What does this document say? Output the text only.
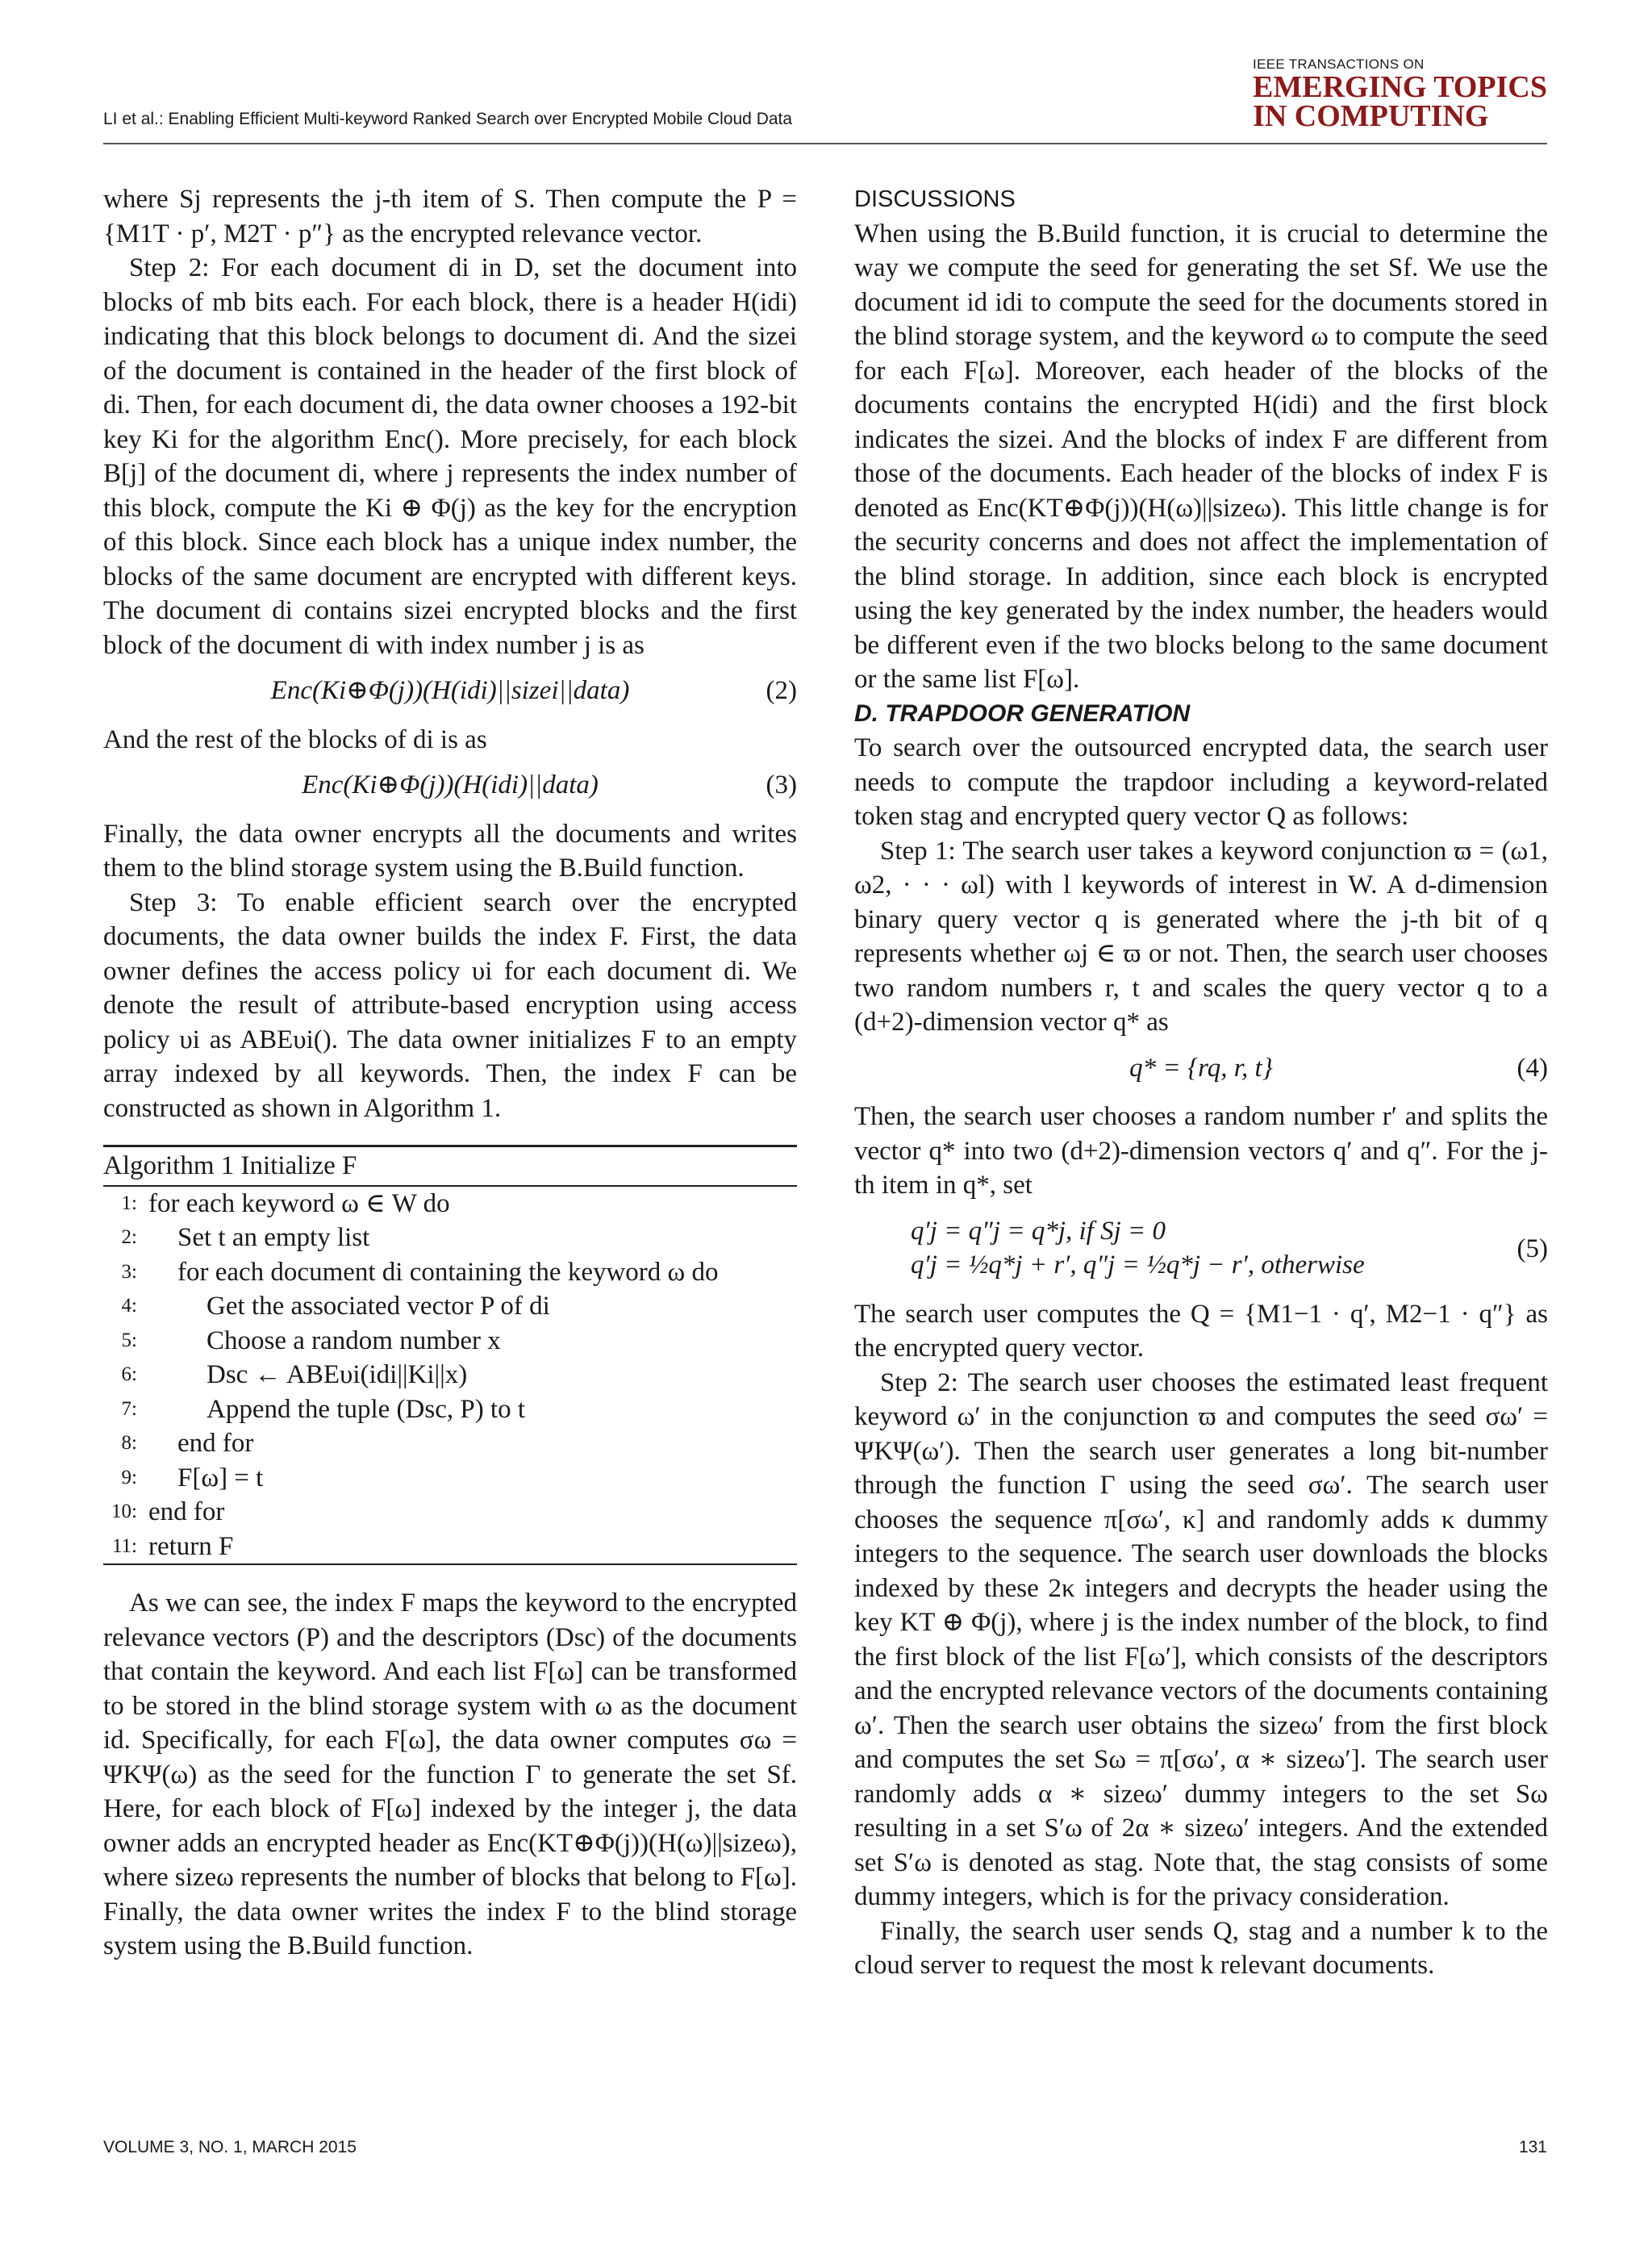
LI et al.: Enabling Efficient Multi-keyword Ranked Search over Encrypted Mobile Cloud Data
IEEE TRANSACTIONS ON
EMERGING TOPICS
IN COMPUTING

where Sj represents the j-th item of S. Then compute the P = {M1T · p′, M2T · p″} as the encrypted relevance vector.

Step 2: For each document di in D, set the document into blocks of mb bits each. For each block, there is a header H(idi) indicating that this block belongs to document di. And the sizei of the document is contained in the header of the first block of di. Then, for each document di, the data owner chooses a 192-bit key Ki for the algorithm Enc(). More precisely, for each block B[j] of the document di, where j represents the index number of this block, compute the Ki ⊕ Φ(j) as the key for the encryption of this block. Since each block has a unique index number, the blocks of the same document are encrypted with different keys. The document di contains sizei encrypted blocks and the first block of the document di with index number j is as

Enc(Ki⊕Φ(j))(H(idi)||sizei||data)	(2)

And the rest of the blocks of di is as

Enc(Ki⊕Φ(j))(H(idi)||data)	(3)

Finally, the data owner encrypts all the documents and writes them to the blind storage system using the B.Build function.

Step 3: To enable efficient search over the encrypted documents, the data owner builds the index F. First, the data owner defines the access policy υi for each document di. We denote the result of attribute-based encryption using access policy υi as ABEυi(). The data owner initializes F to an empty array indexed by all keywords. Then, the index F can be constructed as shown in Algorithm 1.

Algorithm 1 Initialize F
1: for each keyword ω ∈ W do
2:	Set t an empty list
3:	for each document di containing the keyword ω do
4:	Get the associated vector P of di
5:	Choose a random number x
6:	Dsc ← ABEυi(idi||Ki||x)
7:	Append the tuple (Dsc, P) to t
8:	end for
9:	F[ω] = t
10: end for
11: return F

As we can see, the index F maps the keyword to the encrypted relevance vectors (P) and the descriptors (Dsc) of the documents that contain the keyword. And each list F[ω] can be transformed to be stored in the blind storage system with ω as the document id. Specifically, for each F[ω], the data owner computes σω = ΨKΨ(ω) as the seed for the function Γ to generate the set Sf. Here, for each block of F[ω] indexed by the integer j, the data owner adds an encrypted header as Enc(KT⊕Φ(j))(H(ω)||sizeω), where sizeω represents the number of blocks that belong to F[ω]. Finally, the data owner writes the index F to the blind storage system using the B.Build function.

DISCUSSIONS

When using the B.Build function, it is crucial to determine the way we compute the seed for generating the set Sf. We use the document id idi to compute the seed for the documents stored in the blind storage system, and the keyword ω to compute the seed for each F[ω]. Moreover, each header of the blocks of the documents contains the encrypted H(idi) and the first block indicates the sizei. And the blocks of index F are different from those of the documents. Each header of the blocks of index F is denoted as Enc(KT⊕Φ(j))(H(ω)||sizeω). This little change is for the security concerns and does not affect the implementation of the blind storage. In addition, since each block is encrypted using the key generated by the index number, the headers would be different even if the two blocks belong to the same document or the same list F[ω].

D. TRAPDOOR GENERATION

To search over the outsourced encrypted data, the search user needs to compute the trapdoor including a keyword-related token stag and encrypted query vector Q as follows:

Step 1: The search user takes a keyword conjunction ϖ = (ω1, ω2, · · · ωl) with l keywords of interest in W. A d-dimension binary query vector q is generated where the j-th bit of q represents whether ωj ∈ ϖ or not. Then, the search user chooses two random numbers r, t and scales the query vector q to a (d+2)-dimension vector q* as

q* = {rq, r, t}	(4)

Then, the search user chooses a random number r′ and splits the vector q* into two (d+2)-dimension vectors q′ and q″. For the j-th item in q*, set

q′j = q″j = q*j, if Sj = 0
q′j = ½q*j + r′, q″j = ½q*j − r′, otherwise
(5)

The search user computes the Q = {M1−1 · q′, M2−1 · q″} as the encrypted query vector.

Step 2: The search user chooses the estimated least frequent keyword ω′ in the conjunction ϖ and computes the seed σω′ = ΨKΨ(ω′). Then the search user generates a long bit-number through the function Γ using the seed σω′. The search user chooses the sequence π[σω′, κ] and randomly adds κ dummy integers to the sequence. The search user downloads the blocks indexed by these 2κ integers and decrypts the header using the key KT ⊕ Φ(j), where j is the index number of the block, to find the first block of the list F[ω′], which consists of the descriptors and the encrypted relevance vectors of the documents containing ω′. Then the search user obtains the sizeω′ from the first block and computes the set Sω = π[σω′, α ∗ sizeω′]. The search user randomly adds α ∗ sizeω′ dummy integers to the set Sω resulting in a set S′ω of 2α ∗ sizeω′ integers. And the extended set S′ω is denoted as stag. Note that, the stag consists of some dummy integers, which is for the privacy consideration.

Finally, the search user sends Q, stag and a number k to the cloud server to request the most k relevant documents.

VOLUME 3, NO. 1, MARCH 2015	131
